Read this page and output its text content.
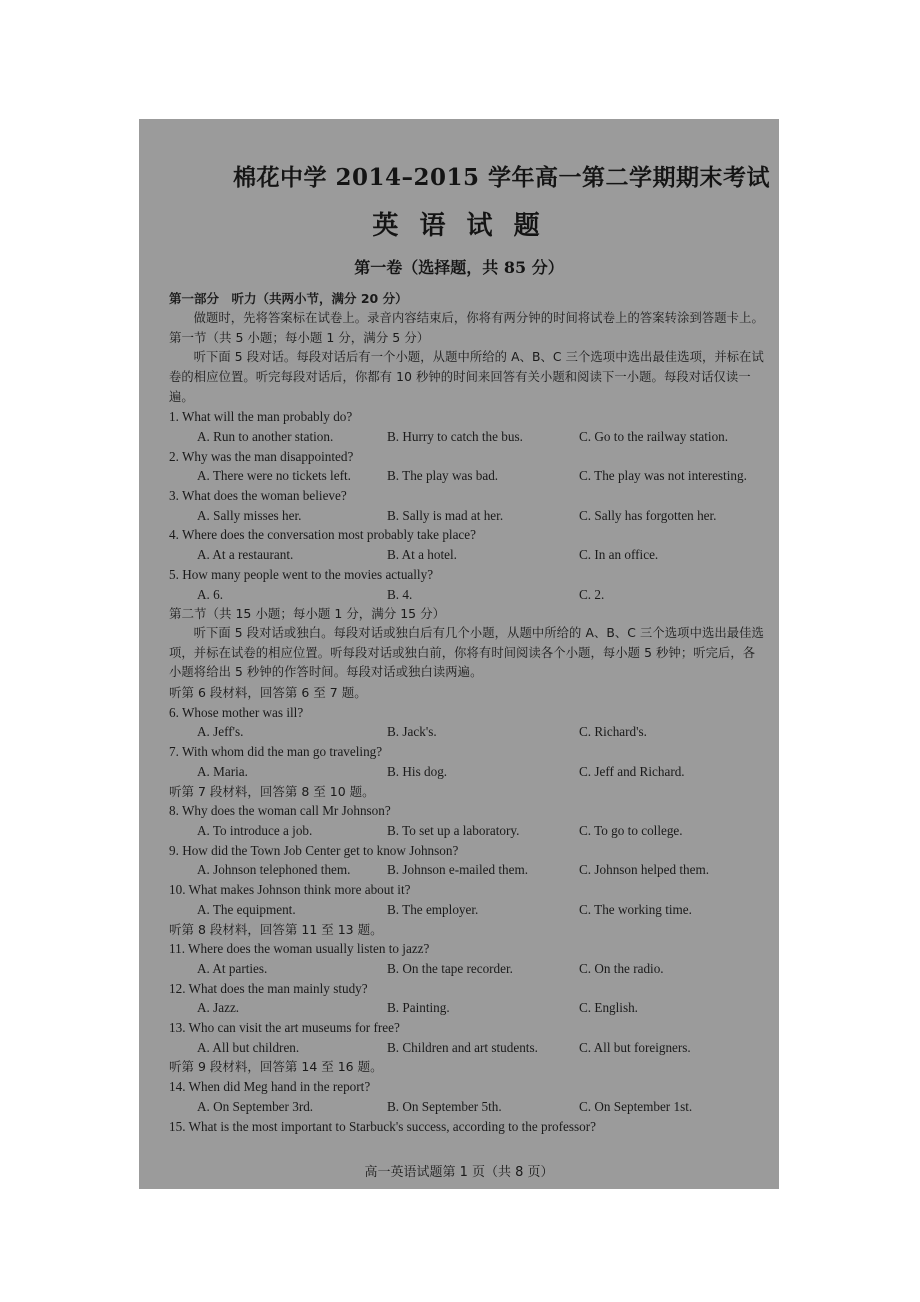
棉花中学 2014–2015 学年高一第二学期期末考试
英 语 试 题
第一卷（选择题，共 85 分）
第一部分　听力（共两小节，满分 20 分）
做题时，先将答案标在试卷上。录音内容结束后，你将有两分钟的时间将试卷上的答案转涂到答题卡上。
第一节（共 5 小题；每小题 1 分，满分 5 分）
听下面 5 段对话。每段对话后有一个小题，从题中所给的 A、B、C 三个选项中选出最佳选项，并标在试卷的相应位置。听完每段对话后，你都有 10 秒钟的时间来回答有关小题和阅读下一小题。每段对话仅读一遍。
1. What will the man probably do?
A. Run to another station.	B. Hurry to catch the bus.	C. Go to the railway station.
2. Why was the man disappointed?
A. There were no tickets left.	B. The play was bad.	C. The play was not interesting.
3. What does the woman believe?
A. Sally misses her.	B. Sally is mad at her.	C. Sally has forgotten her.
4. Where does the conversation most probably take place?
A. At a restaurant.	B. At a hotel.	C. In an office.
5. How many people went to the movies actually?
A. 6.	B. 4.	C. 2.
第二节（共 15 小题；每小题 1 分，满分 15 分）
听下面 5 段对话或独白。每段对话或独白后有几个小题，从题中所给的 A、B、C 三个选项中选出最佳选项，并标在试卷的相应位置。听每段对话或独白前，你将有时间阅读各个小题，每小题 5 秒钟；听完后，各小题将给出 5 秒钟的作答时间。每段对话或独白读两遍。
听第 6 段材料，回答第 6 至 7 题。
6. Whose mother was ill?
A. Jeff's.	B. Jack's.	C. Richard's.
7. With whom did the man go traveling?
A. Maria.	B. His dog.	C. Jeff and Richard.
听第 7 段材料，回答第 8 至 10 题。
8. Why does the woman call Mr Johnson?
A. To introduce a job.	B. To set up a laboratory.	C. To go to college.
9. How did the Town Job Center get to know Johnson?
A. Johnson telephoned them.	B. Johnson e-mailed them.	C. Johnson helped them.
10. What makes Johnson think more about it?
A. The equipment.	B. The employer.	C. The working time.
听第 8 段材料，回答第 11 至 13 题。
11. Where does the woman usually listen to jazz?
A. At parties.	B. On the tape recorder.	C. On the radio.
12. What does the man mainly study?
A. Jazz.	B. Painting.	C. English.
13. Who can visit the art museums for free?
A. All but children.	B. Children and art students.	C. All but foreigners.
听第 9 段材料，回答第 14 至 16 题。
14. When did Meg hand in the report?
A. On September 3rd.	B. On September 5th.	C. On September 1st.
15. What is the most important to Starbuck's success, according to the professor?
高一英语试题第 1 页（共 8 页）
